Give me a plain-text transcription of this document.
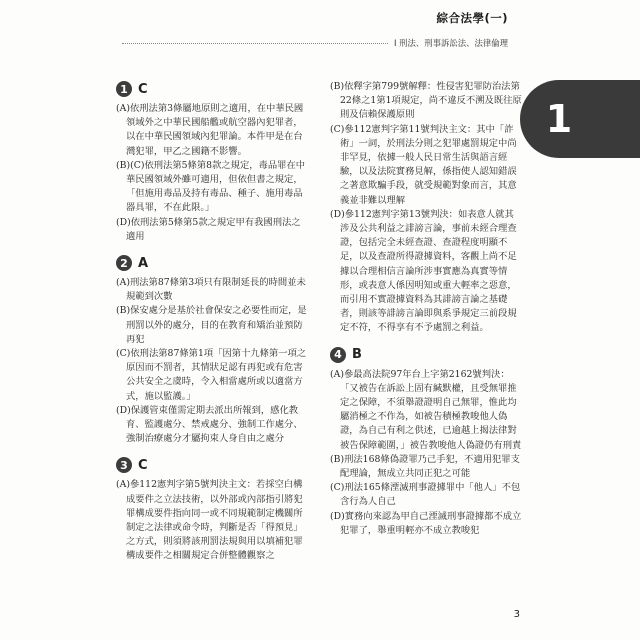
綜合法學(一)
I 刑法、刑事訴訟法、法律倫理
1
1 C

(A)依刑法第3條屬地原則之適用，在中華民國領域外之中華民國船艦或航空器內犯罪者，以在中華民國領域內犯罪論。本件甲是在台灣犯罪，甲乙之國籍不影響。

(B)(C)依刑法第5條第8款之規定，毒品罪在中華民國領域外雖可適用，但依但書之規定，「但施用毒品及持有毒品、種子、施用毒品器具罪，不在此限。」

(D)依刑法第5條第5款之規定甲有我國刑法之適用

2 A

(A)刑法第87條第3項只有限制延長的時間並未規範到次數

(B)保安處分是基於社會保安之必要性而定，是刑罰以外的處分，目的在教育和矯治並預防再犯

(C)依刑法第87條第1項「因第十九條第一項之原因而不罰者，其情狀足認有再犯或有危害公共安全之虞時，令入相當處所或以適當方式，施以監護。」

(D)保護管束僅需定期去派出所報到，感化教育、監護處分、禁戒處分、強制工作處分、強制治療處分才屬拘束人身自由之處分

3 C

(A)參112憲判字第5號判決主文：若採空白構成要件之立法技術，以外部或內部指引將犯罪構成要件指向同一或不同規範制定機關所制定之法律或命令時，判斷是否「得預見」之方式，則須將該刑罰法規與用以填補犯罪構成要件之相關規定合併整體觀察之

(B)依釋字第799號解釋：性侵害犯罪防治法第22條之1第1項規定，尚不違反不溯及既往原則及信賴保護原則

(C)參112憲判字第11號判決主文：其中「詐術」一詞，於刑法分則之犯罪處罰規定中尚非罕見，依據一般人民日常生活與語言經驗，以及法院實務見解，係指使人認知錯誤之著意欺騙手段，就受規範對象而言，其意義並非難以理解

(D)參112憲判字第13號判決：如表意人就其涉及公共利益之誹謗言論，事前未經合理查證，包括完全未經查證、查證程度明顯不足，以及查證所得證據資料，客觀上尚不足據以合理相信言論所涉事實應為真實等情形，或表意人係因明知或重大輕率之惡意，而引用不實證據資料為其誹謗言論之基礎者，則該等誹謗言論即與系爭規定三前段規定不符，不得享有不予處罰之利益。

4 B

(A)參最高法院97年台上字第2162號判決：「又被告在訴訟上固有緘默權，且受無罪推定之保障，不須舉證證明自己無罪，惟此均屬消極之不作為，如被告積極教唆他人偽證，為自己有利之供述，已逾越上揭法律對被告保障範圍，」被告教唆他人偽證仍有刑責

(B)刑法168條偽證罪乃己手犯，不適用犯罪支配理論，無成立共同正犯之可能

(C)刑法165條湮滅刑事證據罪中「他人」不包含行為人自己

(D)實務向來認為甲自己湮滅刑事證據都不成立犯罪了，舉重明輕亦不成立教唆犯

3
